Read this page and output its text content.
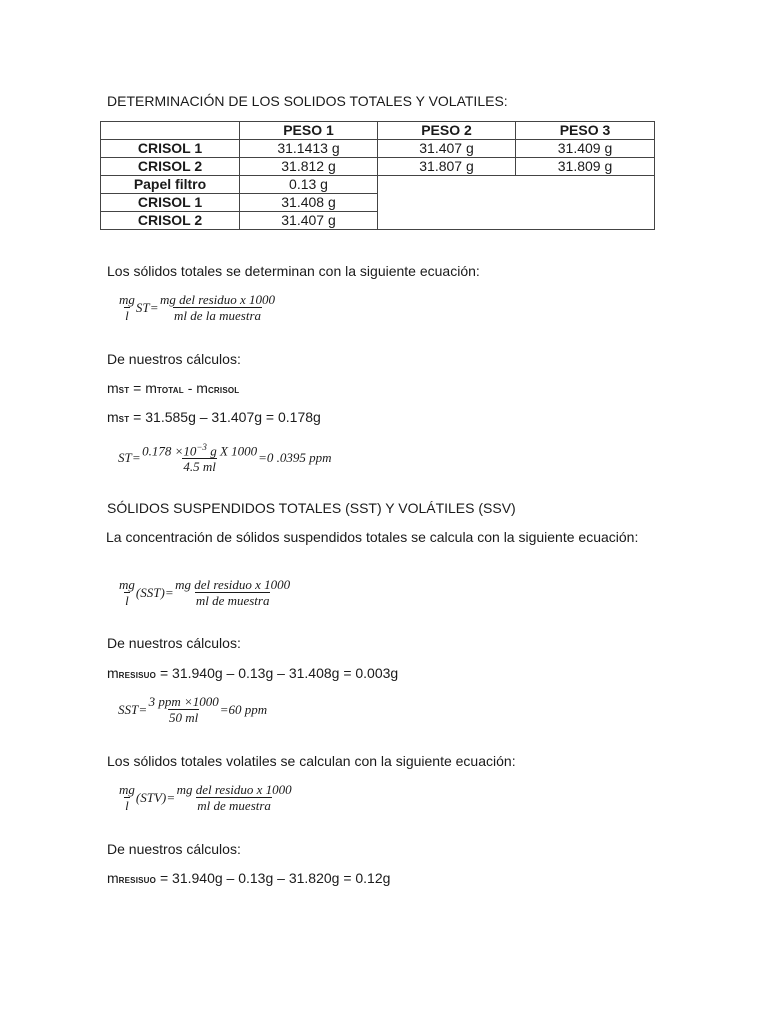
DETERMINACIÓN DE LOS SOLIDOS TOTALES Y VOLATILES:
	PESO 1	PESO 2	PESO 3
CRISOL 1	31.1413 g	31.407 g	31.409 g
CRISOL 2	31.812 g	31.807 g	31.809 g
Papel filtro	0.13 g		
CRISOL 1	31.408 g		
CRISOL 2	31.407 g		
Los sólidos totales se determinan con la siguiente ecuación:
$\frac{mg}{l}$ ST = $\frac{\text{mg del residuo x 1000}}{\text{ml de la muestra}}$
De nuestros cálculos:
mST = mTOTAL - mCRISOL
mST = 31.585g – 31.407g = 0.178g
ST = $\frac{0.178 \times 10^{-3} g X 1000}{4.5 ml} =0$ .0395 ppm
SÓLIDOS SUSPENDIDOS TOTALES (SST) Y VOLÁTILES (SSV)
La concentración de sólidos suspendidos totales se calcula con la siguiente ecuación:
$\frac{mg}{l} (SST) = \frac{\text{mg del residuo x 1000}}{\text{ml de muestra}}$
De nuestros cálculos:
mRESISUO = 31.940g – 0.13g – 31.408g = 0.003g
SST = $\frac{\text{3 ppm ×1000}}{50 ml} =60$ ppm
Los sólidos totales volatiles se calculan con la siguiente ecuación:
$\frac{mg}{l} (STV) = \frac{\text{mg del residuo x 1000}}{\text{ml de muestra}}$
De nuestros cálculos:
mRESISUO = 31.940g – 0.13g – 31.820g = 0.12g
